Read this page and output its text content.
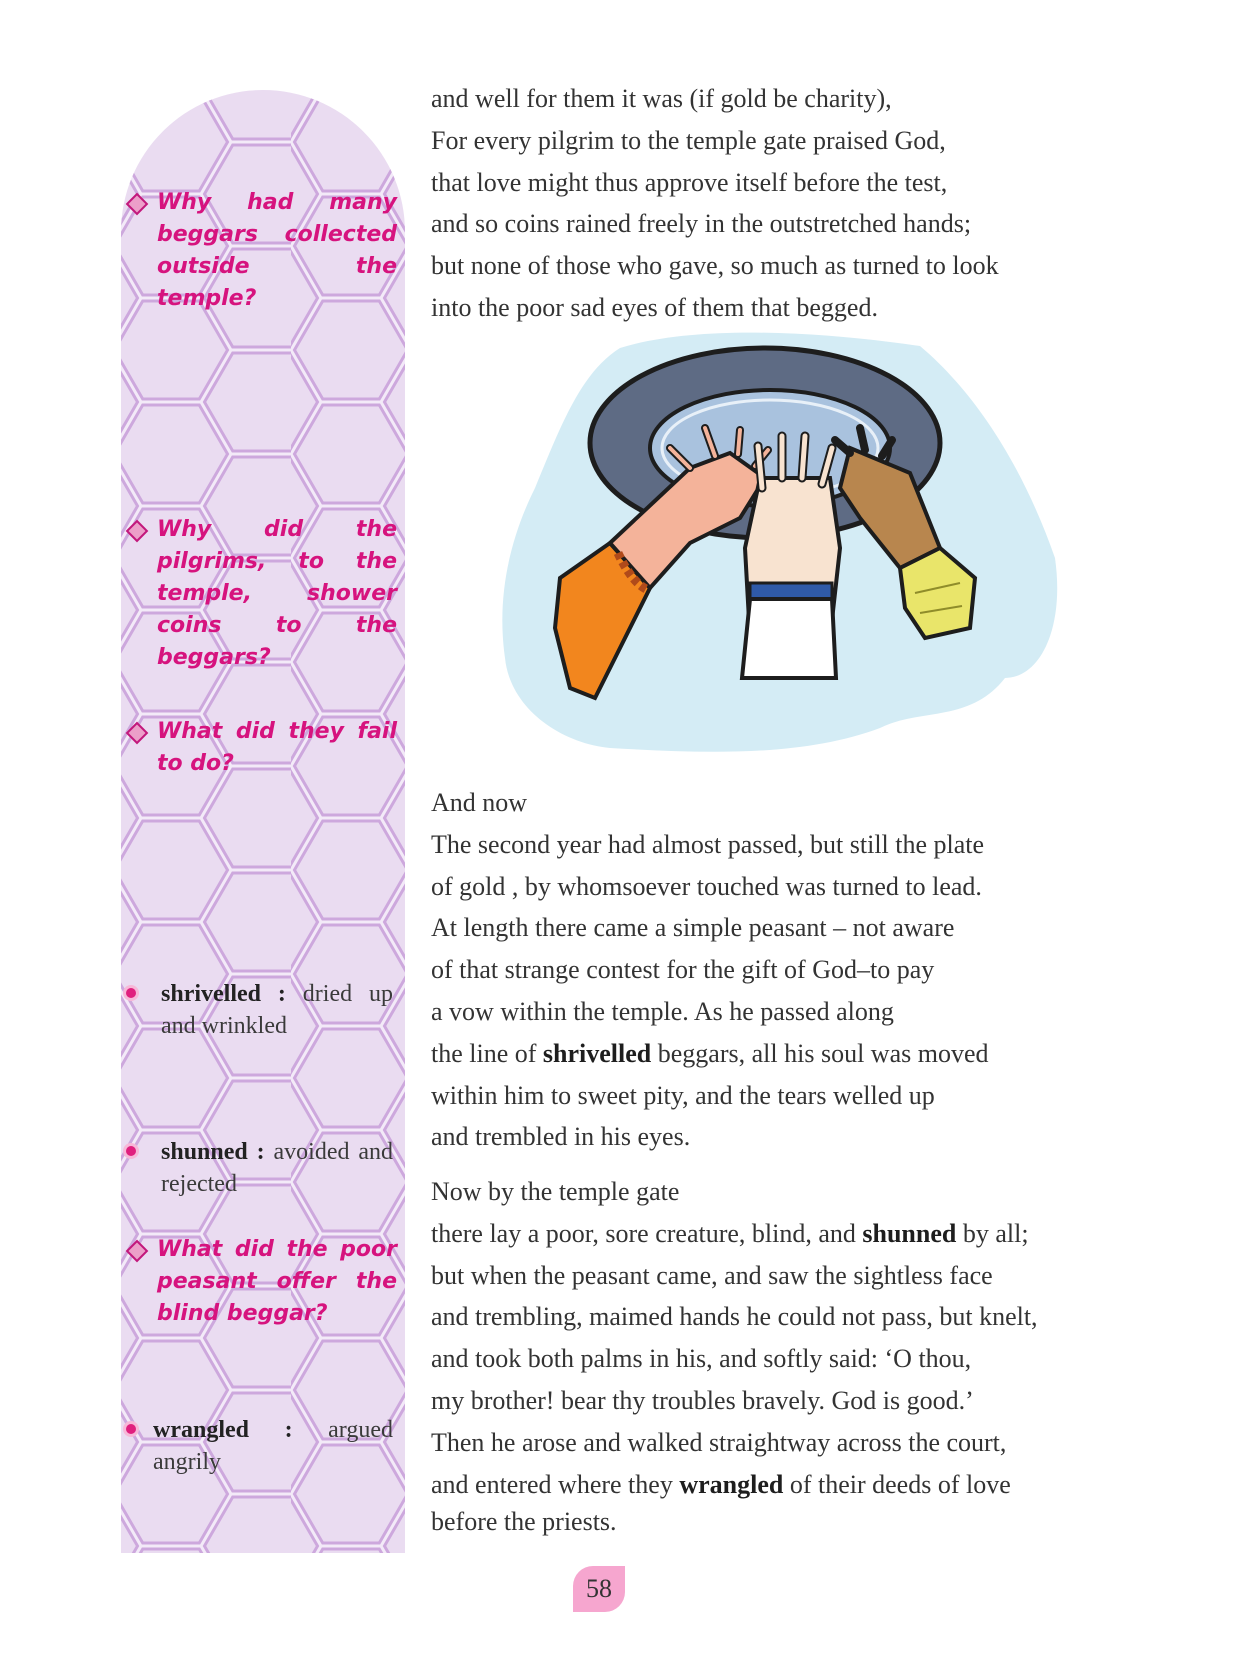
Why had many beggars collected outside the temple?
Why did the pilgrims, to the temple, shower coins to the beggars?
What did they fail to do?
shrivelled : dried up and wrinkled
shunned : avoided and rejected
What did the poor peasant offer the blind beggar?
wrangled : argued angrily

and well for them it was (if gold be charity),

For every pilgrim to the temple gate praised God,

that love might thus approve itself before the test,

and so coins rained freely in the outstretched hands;

but none of those who gave, so much as turned to look

into the poor sad eyes of them that begged.

And now

The second year had almost passed, but still the plate

of gold , by whomsoever touched was turned to lead.

At length there came a simple peasant – not aware

of that strange contest for the gift of God–to pay

a vow within the temple. As he passed along

the line of shrivelled beggars, all his soul was moved

within him to sweet pity, and the tears welled up

and trembled in his eyes.

Now by the temple gate

there lay a poor, sore creature, blind, and shunned by all;

but when the peasant came, and saw the sightless face

and trembling, maimed hands he could not pass, but knelt,

and took both palms in his, and softly said: ‘O thou,

my brother! bear thy troubles bravely. God is good.’

Then he arose and walked straightway across the court,

and entered where they wrangled of their deeds of love

before the priests.

58
